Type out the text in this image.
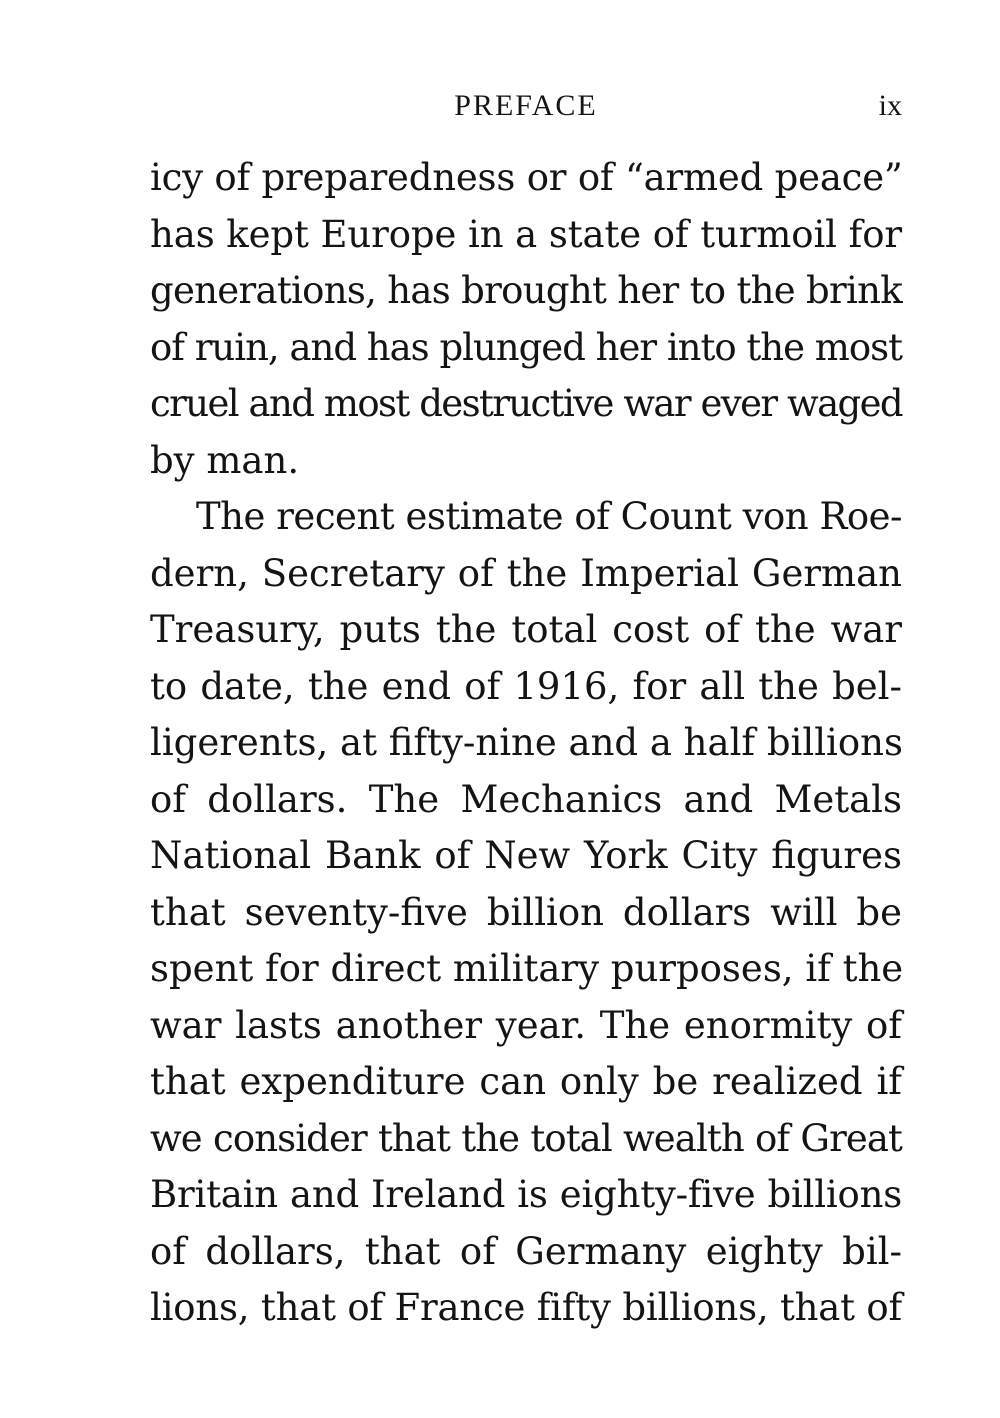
PREFACE	ix
icy of preparedness or of “armed peace”
has kept Europe in a state of turmoil for
generations, has brought her to the brink
of ruin, and has plunged her into the most
cruel and most destructive war ever waged
by man.
The recent estimate of Count von Roe-
dern, Secretary of the Imperial German
Treasury, puts the total cost of the war
to date, the end of 1916, for all the bel-
ligerents, at fifty-nine and a half billions
of dollars. The Mechanics and Metals
National Bank of New York City figures
that seventy-five billion dollars will be
spent for direct military purposes, if the
war lasts another year. The enormity of
that expenditure can only be realized if
we consider that the total wealth of Great
Britain and Ireland is eighty-five billions
of dollars, that of Germany eighty bil-
lions, that of France fifty billions, that of
